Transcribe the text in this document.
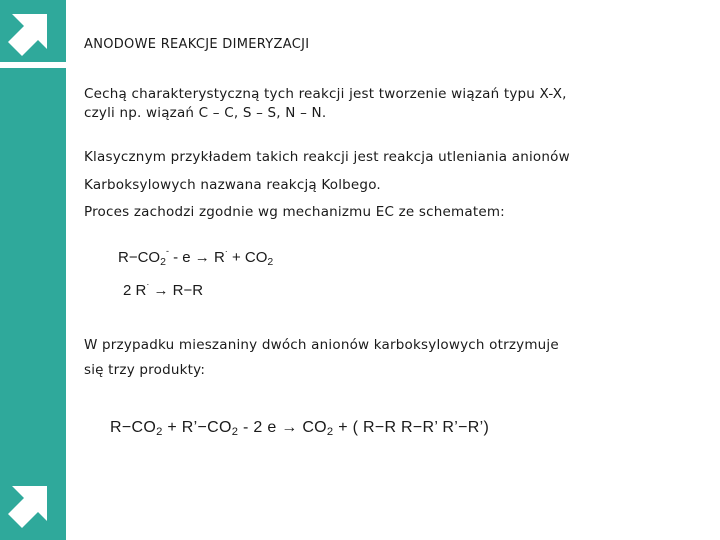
ANODOWE REAKCJE DIMERYZACJI
Cechą charakterystyczną tych reakcji jest tworzenie wiązań typu X-X,
czyli np. wiązań C – C, S – S, N – N.
Klasycznym przykładem takich reakcji jest reakcja utleniania anionów
Karboksylowych nazwana reakcją Kolbego.
Proces zachodzi zgodnie wg mechanizmu EC ze schematem:
$R-CO_2^- - e \to R^\cdot + CO_2$
2 R· → R−R
W przypadku mieszaniny dwóch anionów karboksylowych otrzymuje
się trzy produkty:
$R-CO_2$ + $R’-CO_2 - 2$ $e \to CO_2$ + ( R−R R−R’ R’−R’)
